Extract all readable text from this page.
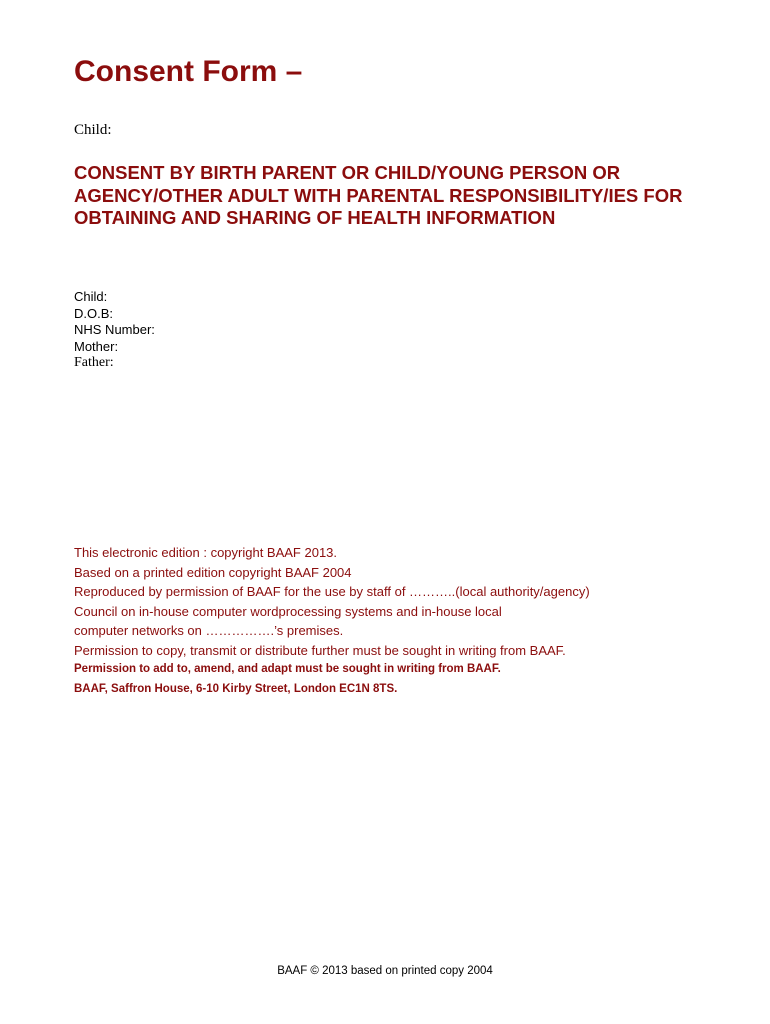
Consent Form –
Child:
CONSENT BY BIRTH PARENT OR CHILD/YOUNG PERSON OR AGENCY/OTHER ADULT WITH PARENTAL RESPONSIBILITY/IES FOR OBTAINING AND SHARING OF HEALTH INFORMATION
Child:
D.O.B:
NHS Number:
Mother:
Father:
This electronic edition : copyright BAAF 2013.
Based on a printed edition copyright BAAF 2004
Reproduced by permission of BAAF for the use by staff of ………..(local authority/agency)
Council on in-house computer wordprocessing systems and in-house local
computer networks on …………….’s premises.
Permission to copy, transmit or distribute further must be sought in writing from BAAF.
Permission to add to, amend, and adapt must be sought in writing from BAAF.
BAAF, Saffron House, 6-10 Kirby Street, London EC1N 8TS.
BAAF © 2013 based on printed copy 2004
